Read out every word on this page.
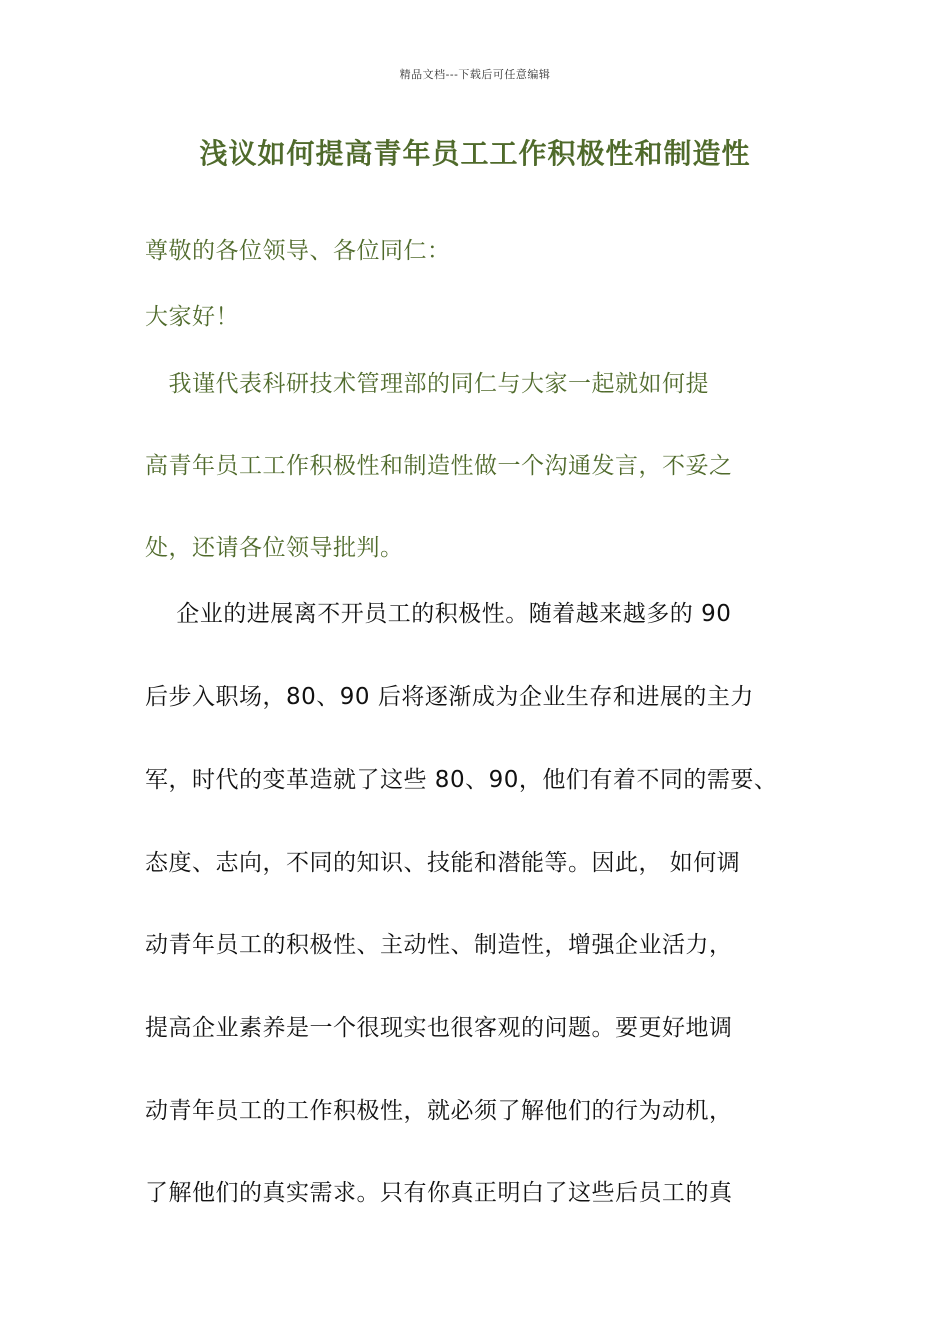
精品文档---下载后可任意编辑
浅议如何提高青年员工工作积极性和制造性
尊敬的各位领导、各位同仁：
大家好！
　我谨代表科研技术管理部的同仁与大家一起就如何提
高青年员工工作积极性和制造性做一个沟通发言，不妥之
处，还请各位领导批判。
　 企业的进展离不开员工的积极性。随着越来越多的 90
后步入职场，80、90 后将逐渐成为企业生存和进展的主力
军，时代的变革造就了这些 80、90，他们有着不同的需要、
态度、志向，不同的知识、技能和潜能等。因此， 如何调
动青年员工的积极性、主动性、制造性，增强企业活力，
提高企业素养是一个很现实也很客观的问题。要更好地调
动青年员工的工作积极性，就必须了解他们的行为动机，
了解他们的真实需求。只有你真正明白了这些后员工的真
